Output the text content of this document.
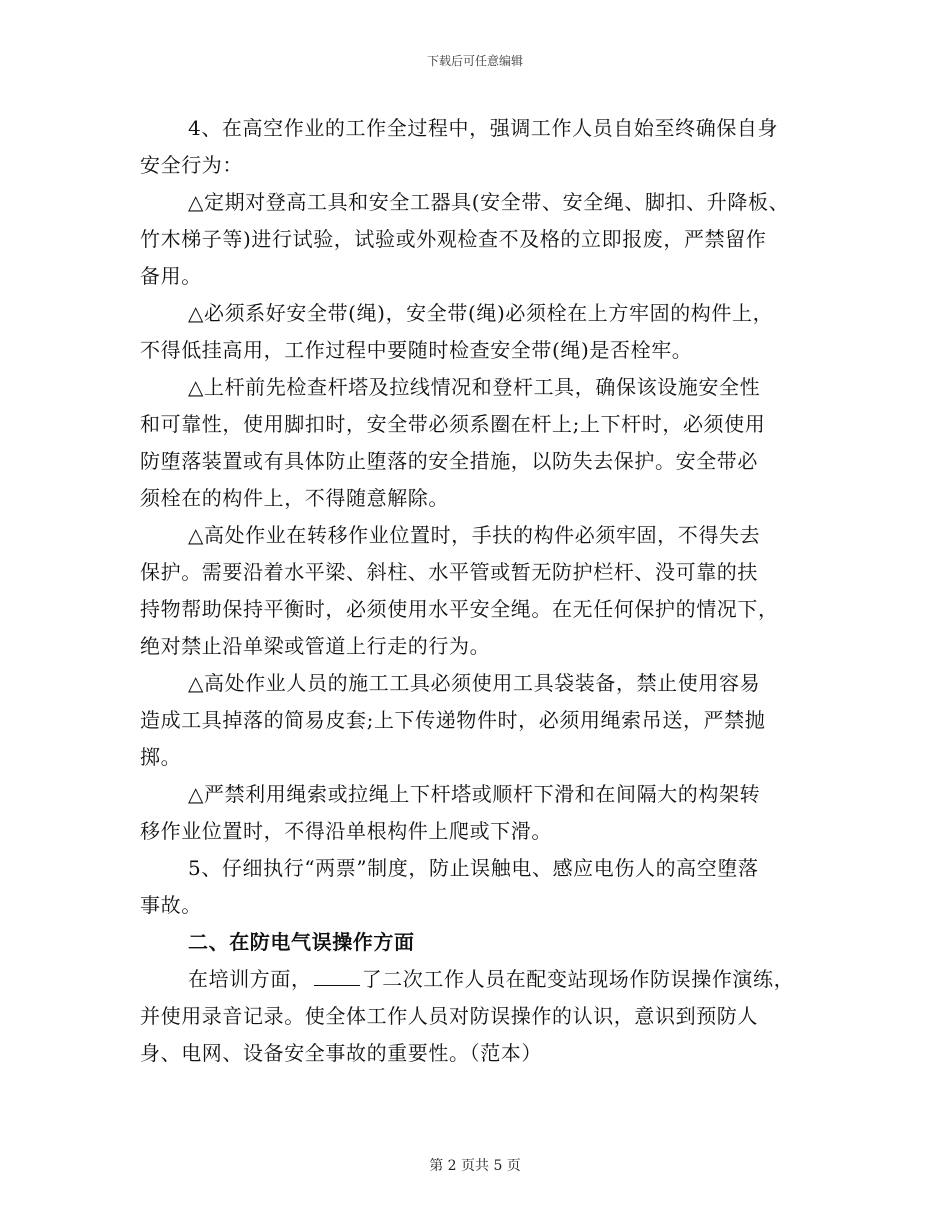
下载后可任意编辑
4、在高空作业的工作全过程中，强调工作人员自始至终确保自身
安全行为：
△定期对登高工具和安全工器具(安全带、安全绳、脚扣、升降板、
竹木梯子等)进行试验，试验或外观检查不及格的立即报废，严禁留作
备用。
△必须系好安全带(绳)，安全带(绳)必须栓在上方牢固的构件上，
不得低挂高用，工作过程中要随时检查安全带(绳)是否栓牢。
△上杆前先检查杆塔及拉线情况和登杆工具，确保该设施安全性
和可靠性，使用脚扣时，安全带必须系圈在杆上;上下杆时，必须使用
防堕落装置或有具体防止堕落的安全措施，以防失去保护。安全带必
须栓在的构件上，不得随意解除。
△高处作业在转移作业位置时，手扶的构件必须牢固，不得失去
保护。需要沿着水平梁、斜柱、水平管或暂无防护栏杆、没可靠的扶
持物帮助保持平衡时，必须使用水平安全绳。在无任何保护的情况下，
绝对禁止沿单梁或管道上行走的行为。
△高处作业人员的施工工具必须使用工具袋装备，禁止使用容易
造成工具掉落的简易皮套;上下传递物件时，必须用绳索吊送，严禁抛
掷。
△严禁利用绳索或拉绳上下杆塔或顺杆下滑和在间隔大的构架转
移作业位置时，不得沿单根构件上爬或下滑。
5、仔细执行“两票”制度，防止误触电、感应电伤人的高空堕落
事故。
二、在防电气误操作方面
在培训方面，	了二次工作人员在配变站现场作防误操作演练，
并使用录音记录。使全体工作人员对防误操作的认识，意识到预防人
身、电网、设备安全事故的重要性。（范本）
第 2 页共 5 页
